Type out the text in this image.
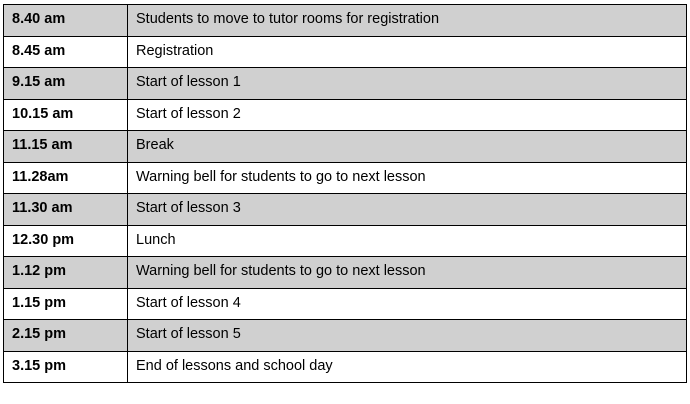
8.40 am	Students to move to tutor rooms for registration
8.45 am	Registration
9.15 am	Start of lesson 1
10.15 am	Start of lesson 2
11.15 am	Break
11.28am	Warning bell for students to go to next lesson
11.30 am	Start of lesson 3
12.30 pm	Lunch
1.12 pm	Warning bell for students to go to next lesson
1.15 pm	Start of lesson 4
2.15 pm	Start of lesson 5
3.15 pm	End of lessons and school day
